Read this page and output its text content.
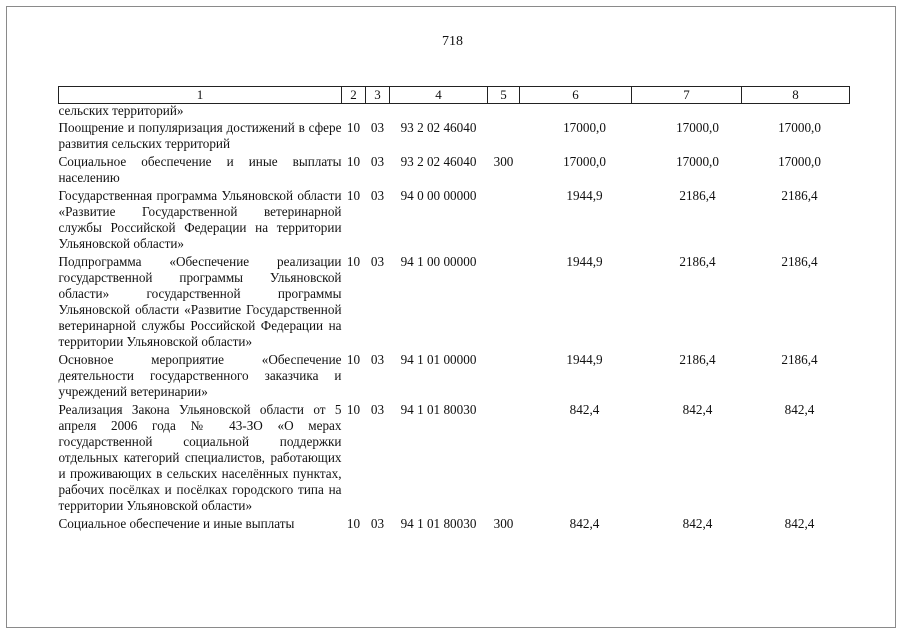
718
1	2	3	4	5	6	7	8
сельских территорий»							

Поощрение и популяризация достижений в сфере развития сельских территорий	10	03	93 2 02 46040		17000,0	17000,0	17000,0

Социальное обеспечение и иные выплаты населению	10	03	93 2 02 46040	300	17000,0	17000,0	17000,0

Государственная программа Ульяновской области «Развитие Государственной ветеринарной службы Российской Федерации на территории Ульяновской области»	10	03	94 0 00 00000		1944,9	2186,4	2186,4

Подпрограмма «Обеспечение реализации государственной программы Ульяновской области» государственной программы Ульяновской области «Развитие Государственной ветеринарной службы Российской Федерации на территории Ульяновской области»	10	03	94 1 00 00000		1944,9	2186,4	2186,4

Основное мероприятие «Обеспечение деятельности государственного заказчика и учреждений ветеринарии»	10	03	94 1 01 00000		1944,9	2186,4	2186,4

Реализация Закона Ульяновской области от 5 апреля 2006 года № 43-ЗО «О мерах государственной социальной поддержки отдельных категорий специалистов, работающих и проживающих в сельских населённых пунктах, рабочих посёлках и посёлках городского типа на территории Ульяновской области»	10	03	94 1 01 80030		842,4	842,4	842,4

Социальное обеспечение и иные выплаты	10	03	94 1 01 80030	300	842,4	842,4	842,4
